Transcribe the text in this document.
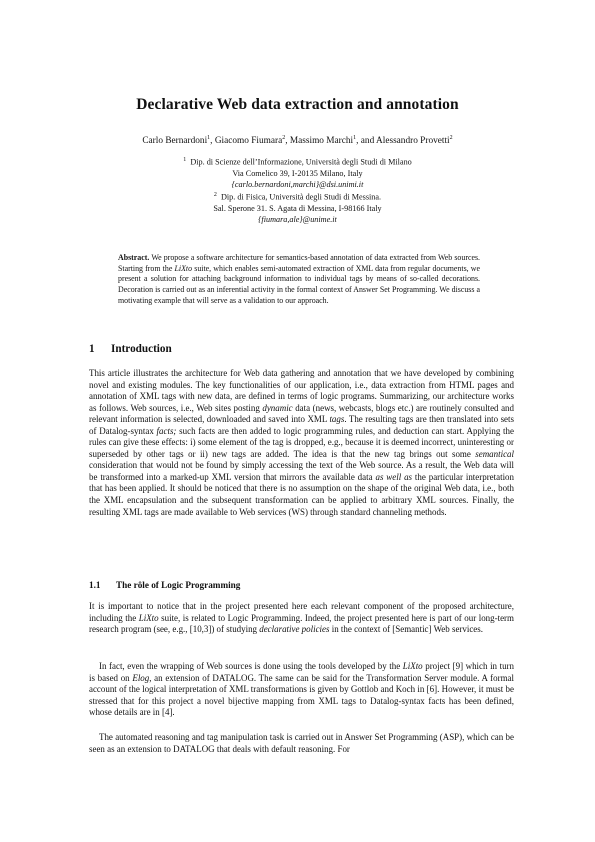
Declarative Web data extraction and annotation
Carlo Bernardoni$^1$, Giacomo Fiumara$^2$, Massimo Marchi$^1$, and Alessandro Provetti$^2$
$^1$ Dip. di Scienze dell’Informazione, Università degli Studi di Milano
Via Comelico 39, I-20135 Milano, Italy
{carlo.bernardoni,marchi}@dsi.unimi.it
$^2$ Dip. di Fisica, Università degli Studi di Messina.
Sal. Sperone 31. S. Agata di Messina, I-98166 Italy
{fiumara,ale}@unime.it
Abstract. We propose a software architecture for semantics-based annotation of data extracted from Web sources. Starting from the LiXto suite, which enables semi-automated extraction of XML data from regular documents, we present a solution for attaching background information to individual tags by means of so-called decorations. Decoration is carried out as an inferential activity in the formal context of Answer Set Programming. We discuss a motivating example that will serve as a validation to our approach.
1 Introduction
This article illustrates the architecture for Web data gathering and annotation that we have developed by combining novel and existing modules. The key functionalities of our application, i.e., data extraction from HTML pages and annotation of XML tags with new data, are defined in terms of logic programs. Summarizing, our architecture works as follows. Web sources, i.e., Web sites posting dynamic data (news, webcasts, blogs etc.) are routinely consulted and relevant information is selected, downloaded and saved into XML tags. The resulting tags are then translated into sets of Datalog-syntax facts; such facts are then added to logic programming rules, and deduction can start. Applying the rules can give these effects: i) some element of the tag is dropped, e.g., because it is deemed incorrect, uninteresting or superseded by other tags or ii) new tags are added. The idea is that the new tag brings out some semantical consideration that would not be found by simply accessing the text of the Web source. As a result, the Web data will be transformed into a marked-up XML version that mirrors the available data as well as the particular interpretation that has been applied. It should be noticed that there is no assumption on the shape of the original Web data, i.e., both the XML encapsulation and the subsequent transformation can be applied to arbitrary XML sources. Finally, the resulting XML tags are made available to Web services (WS) through standard channeling methods.
1.1 The rôle of Logic Programming
It is important to notice that in the project presented here each relevant component of the proposed architecture, including the LiXto suite, is related to Logic Programming. Indeed, the project presented here is part of our long-term research program (see, e.g., [10,3]) of studying declarative policies in the context of [Semantic] Web services.
In fact, even the wrapping of Web sources is done using the tools developed by the LiXto project [9] which in turn is based on Elog, an extension of DATALOG. The same can be said for the Transformation Server module. A formal account of the logical interpretation of XML transformations is given by Gottlob and Koch in [6]. However, it must be stressed that for this project a novel bijective mapping from XML tags to Datalog-syntax facts has been defined, whose details are in [4].
The automated reasoning and tag manipulation task is carried out in Answer Set Programming (ASP), which can be seen as an extension to DATALOG that deals with default reasoning. For
